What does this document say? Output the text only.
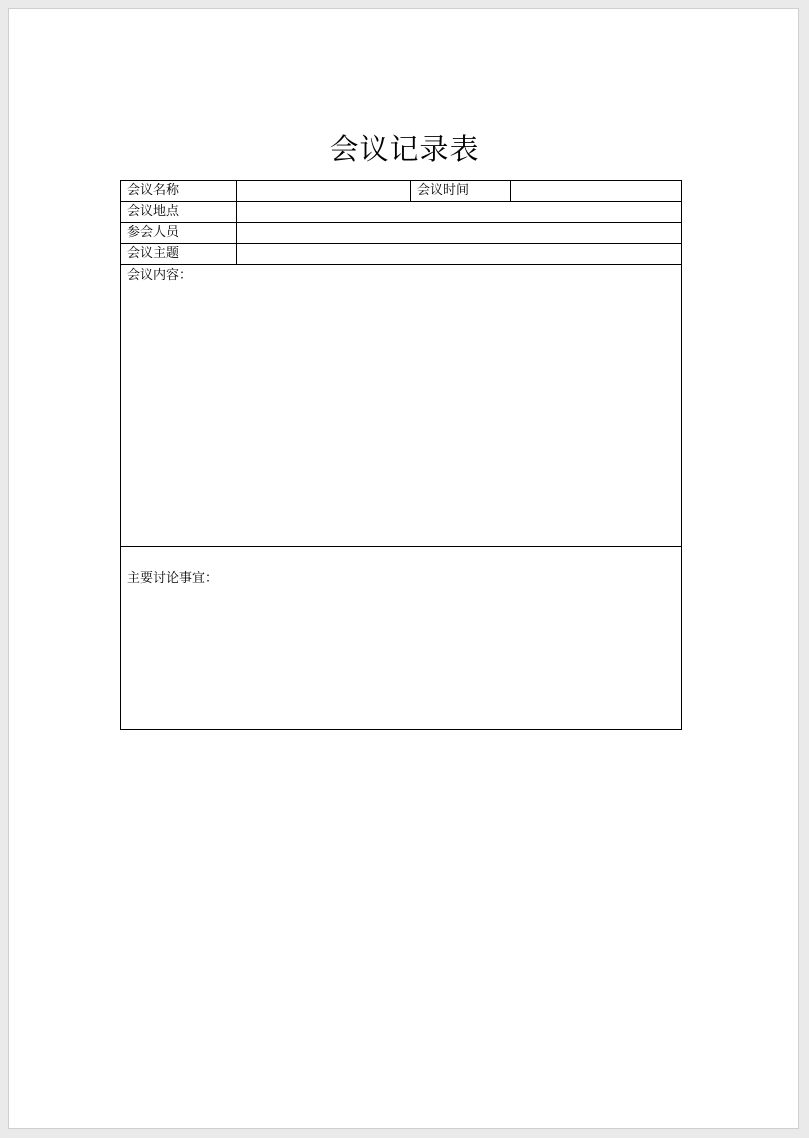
会议记录表
会议名称		会议时间	
会议地点			
参会人员			
会议主题			
会议内容：			
主要讨论事宜：			
